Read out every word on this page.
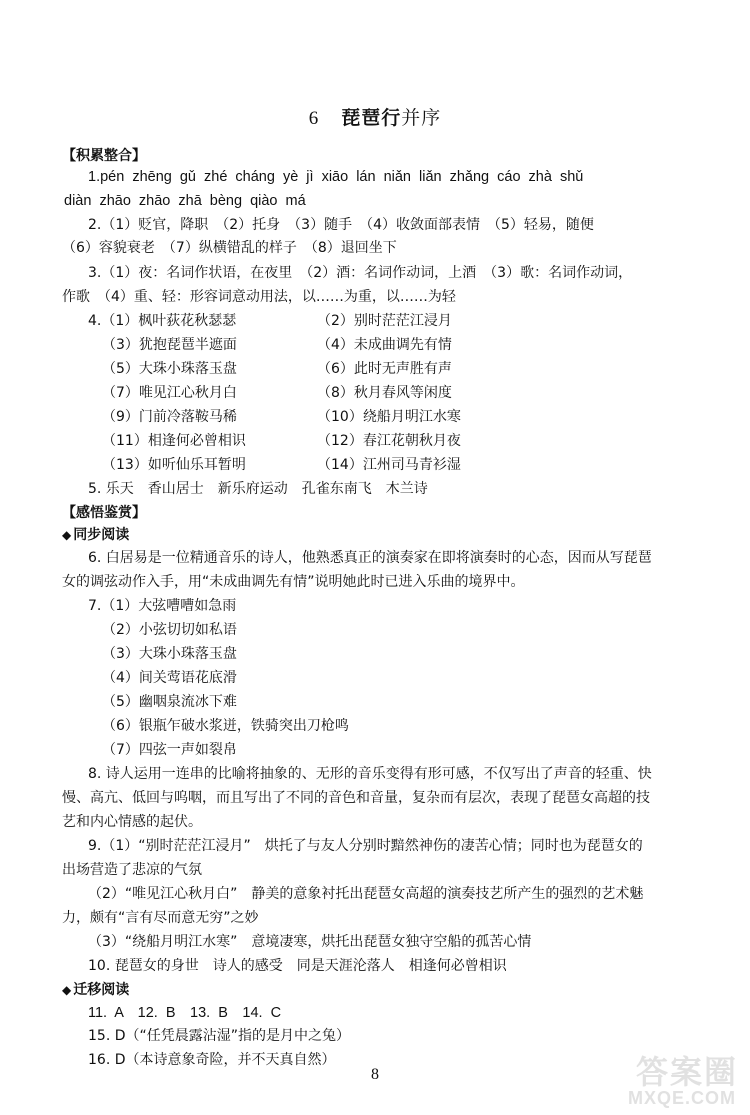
6 琵琶行并序
【积累整合】
1.pén zhēng gǔ zhé cháng yè jì xiāo lán niǎn liǎn zhǎng cáo zhà shǔ
diàn zhāo zhāo zhā bèng qiào má
2.（1）贬官，降职　（2）托身　（3）随手　（4）收敛面部表情　（5）轻易，随便
（6）容貌衰老　（7）纵横错乱的样子　（8）退回坐下
3.（1）夜：名词作状语，在夜里　（2）酒：名词作动词，上酒　（3）歌：名词作动词，
作歌　（4）重、轻：形容词意动用法，以……为重，以……为轻
4.（1）枫叶荻花秋瑟瑟	（2）别时茫茫江浸月
（3）犹抱琵琶半遮面	（4）未成曲调先有情
（5）大珠小珠落玉盘	（6）此时无声胜有声
（7）唯见江心秋月白	（8）秋月春风等闲度
（9）门前冷落鞍马稀	（10）绕船月明江水寒
（11）相逢何必曾相识	（12）春江花朝秋月夜
（13）如听仙乐耳暂明	（14）江州司马青衫湿
5. 乐天　香山居士　新乐府运动　孔雀东南飞　木兰诗
【感悟鉴赏】
◆ 同步阅读
6. 白居易是一位精通音乐的诗人，他熟悉真正的演奏家在即将演奏时的心态，因而从写琵琶
女的调弦动作入手，用“未成曲调先有情”说明她此时已进入乐曲的境界中。
7.（1）大弦嘈嘈如急雨
（2）小弦切切如私语
（3）大珠小珠落玉盘
（4）间关莺语花底滑
（5）幽咽泉流冰下难
（6）银瓶乍破水浆迸，铁骑突出刀枪鸣
（7）四弦一声如裂帛
8. 诗人运用一连串的比喻将抽象的、无形的音乐变得有形可感，不仅写出了声音的轻重、快
慢、高亢、低回与呜咽，而且写出了不同的音色和音量，复杂而有层次，表现了琵琶女高超的技
艺和内心情感的起伏。
9.（1）“别时茫茫江浸月”　烘托了与友人分别时黯然神伤的凄苦心情；同时也为琵琶女的
出场营造了悲凉的气氛
（2）“唯见江心秋月白”　静美的意象衬托出琵琶女高超的演奏技艺所产生的强烈的艺术魅
力，颇有“言有尽而意无穷”之妙
（3）“绕船月明江水寒”　意境凄寒，烘托出琵琶女独守空船的孤苦心情
10. 琵琶女的身世　诗人的感受　同是天涯沦落人　相逢何必曾相识
◆ 迁移阅读
11. A　12. B　13. B　14. C
15. D（“任凭晨露沾湿”指的是月中之兔）
16. D（本诗意象奇险，并不天真自然）
8	答案圈
MXQE.COM
